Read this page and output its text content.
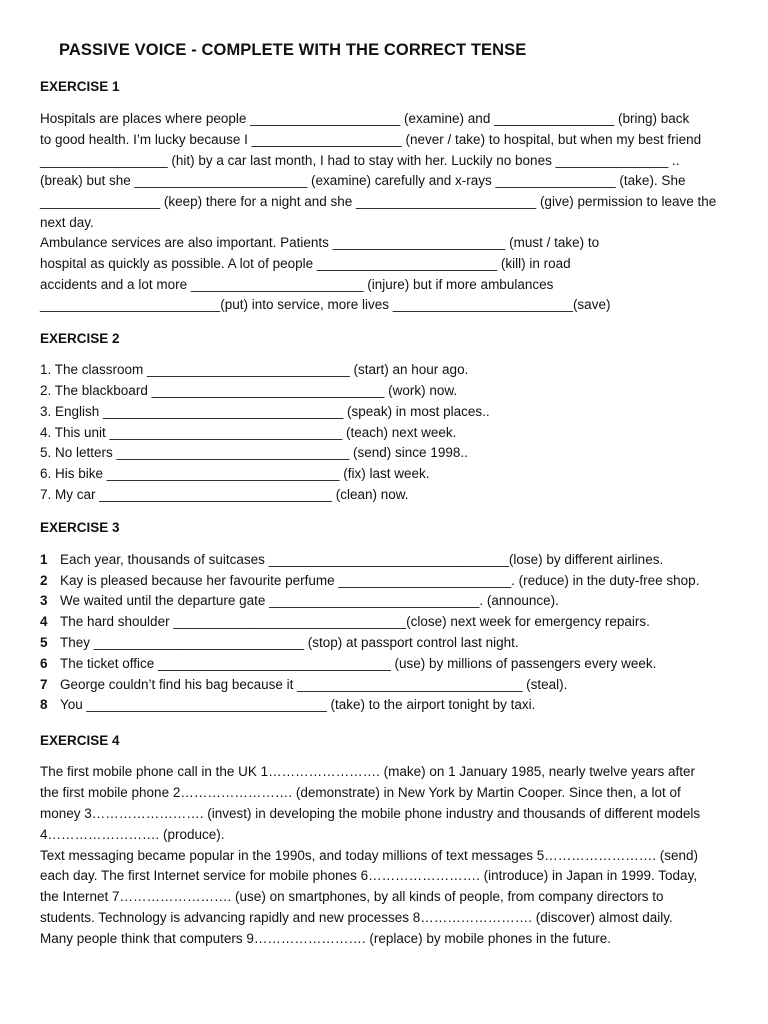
PASSIVE VOICE - COMPLETE WITH THE CORRECT TENSE
EXERCISE 1
Hospitals are places where people ____________________ (examine) and ________________ (bring) back
to good health. I’m lucky because I ____________________ (never / take) to hospital, but when my best friend
_________________ (hit) by a car last month, I had to stay with her. Luckily no bones _______________ ..
(break) but she _______________________ (examine) carefully and x-rays ________________ (take). She
________________ (keep) there for a night and she ________________________ (give) permission to leave the
next day.
Ambulance services are also important. Patients _______________________ (must / take) to
hospital as quickly as possible. A lot of people ________________________ (kill) in road
accidents and a lot more _______________________ (injure) but if more ambulances
________________________(put) into service, more lives ________________________(save)
EXERCISE 2
1. The classroom ___________________________ (start) an hour ago.
2. The blackboard _______________________________ (work) now.
3. English ________________________________ (speak) in most places..
4. This unit _______________________________ (teach) next week.
5. No letters _______________________________ (send) since 1998..
6. His bike _______________________________ (fix) last week.
7. My car _______________________________ (clean) now.
EXERCISE 3
1 Each year, thousands of suitcases ________________________________(lose) by different airlines.
2 Kay is pleased because her favourite perfume _______________________. (reduce) in the duty-free shop.
3 We waited until the departure gate ____________________________. (announce).
4 The hard shoulder _______________________________(close) next week for emergency repairs.
5 They ____________________________ (stop) at passport control last night.
6 The ticket office _______________________________ (use) by millions of passengers every week.
7 George couldn’t find his bag because it ______________________________ (steal).
8 You ________________________________ (take) to the airport tonight by taxi.
EXERCISE 4
The first mobile phone call in the UK 1……………………. (make) on 1 January 1985, nearly twelve years after
the first mobile phone 2……………………. (demonstrate) in New York by Martin Cooper. Since then, a lot of
money 3……………………. (invest) in developing the mobile phone industry and thousands of different models
4……………………. (produce).
Text messaging became popular in the 1990s, and today millions of text messages 5……………………. (send)
each day. The first Internet service for mobile phones 6……………………. (introduce) in Japan in 1999. Today,
the Internet 7……………………. (use) on smartphones, by all kinds of people, from company directors to
students. Technology is advancing rapidly and new processes 8……………………. (discover) almost daily.
Many people think that computers 9……………………. (replace) by mobile phones in the future.
